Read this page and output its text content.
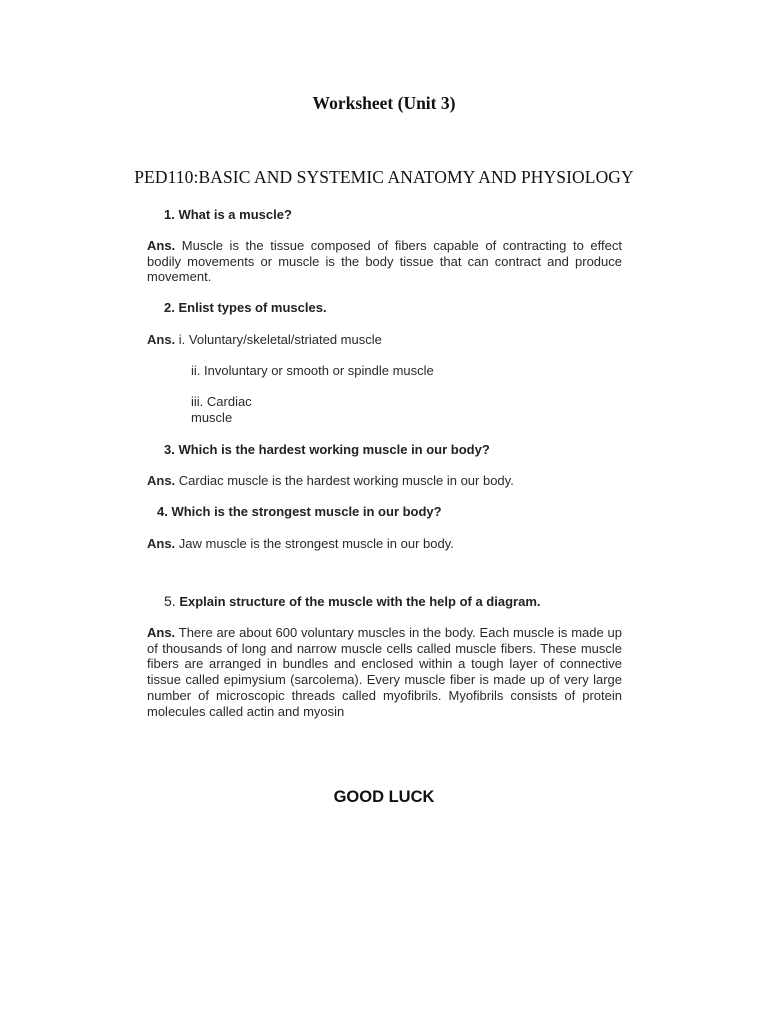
Worksheet (Unit 3)

PED110:BASIC AND SYSTEMIC ANATOMY AND PHYSIOLOGY

1. What is a muscle?

Ans. Muscle is the tissue composed of fibers capable of contracting to effect bodily movements or muscle is the body tissue that can contract and produce movement.

2. Enlist types of muscles.

Ans. i. Voluntary/skeletal/striated muscle

ii. Involuntary or smooth or spindle muscle

iii. Cardiac

muscle

3. Which is the hardest working muscle in our body?

Ans. Cardiac muscle is the hardest working muscle in our body.

4. Which is the strongest muscle in our body?

Ans. Jaw muscle is the strongest muscle in our body.

5. Explain structure of the muscle with the help of a diagram.

Ans. There are about 600 voluntary muscles in the body. Each muscle is made up of thousands of long and narrow muscle cells called muscle fibers. These muscle fibers are arranged in bundles and enclosed within a tough layer of connective tissue called epimysium (sarcolema). Every muscle fiber is made up of very large number of microscopic threads called myofibrils. Myofibrils consists of protein molecules called actin and myosin

GOOD LUCK
